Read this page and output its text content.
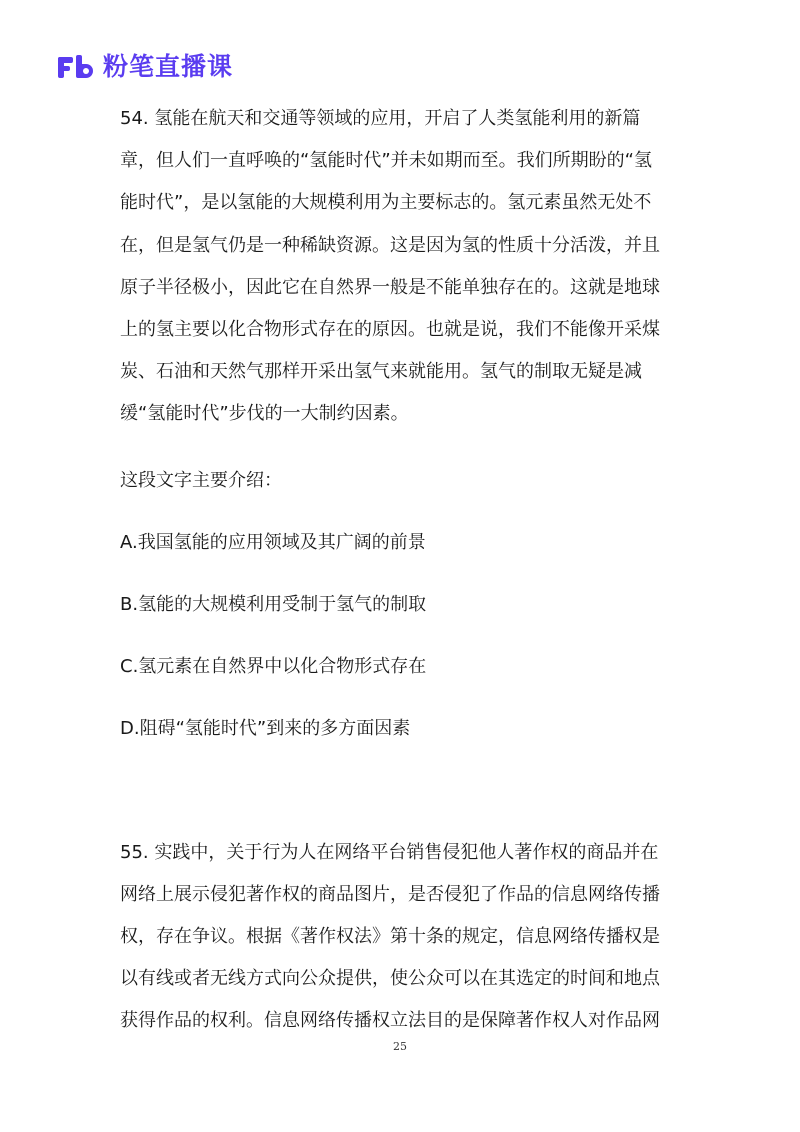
粉笔直播课

54. 氢能在航天和交通等领域的应用，开启了人类氢能利用的新篇章，但人们一直呼唤的“氢能时代”并未如期而至。我们所期盼的“氢能时代”，是以氢能的大规模利用为主要标志的。氢元素虽然无处不在，但是氢气仍是一种稀缺资源。这是因为氢的性质十分活泼，并且原子半径极小，因此它在自然界一般是不能单独存在的。这就是地球上的氢主要以化合物形式存在的原因。也就是说，我们不能像开采煤炭、石油和天然气那样开采出氢气来就能用。氢气的制取无疑是减缓“氢能时代”步伐的一大制约因素。

这段文字主要介绍：

A.我国氢能的应用领域及其广阔的前景

B.氢能的大规模利用受制于氢气的制取

C.氢元素在自然界中以化合物形式存在

D.阻碍“氢能时代”到来的多方面因素

55. 实践中，关于行为人在网络平台销售侵犯他人著作权的商品并在网络上展示侵犯著作权的商品图片，是否侵犯了作品的信息网络传播权，存在争议。根据《著作权法》第十条的规定，信息网络传播权是以有线或者无线方式向公众提供，使公众可以在其选定的时间和地点获得作品的权利。信息网络传播权立法目的是保障著作权人对作品网

25
